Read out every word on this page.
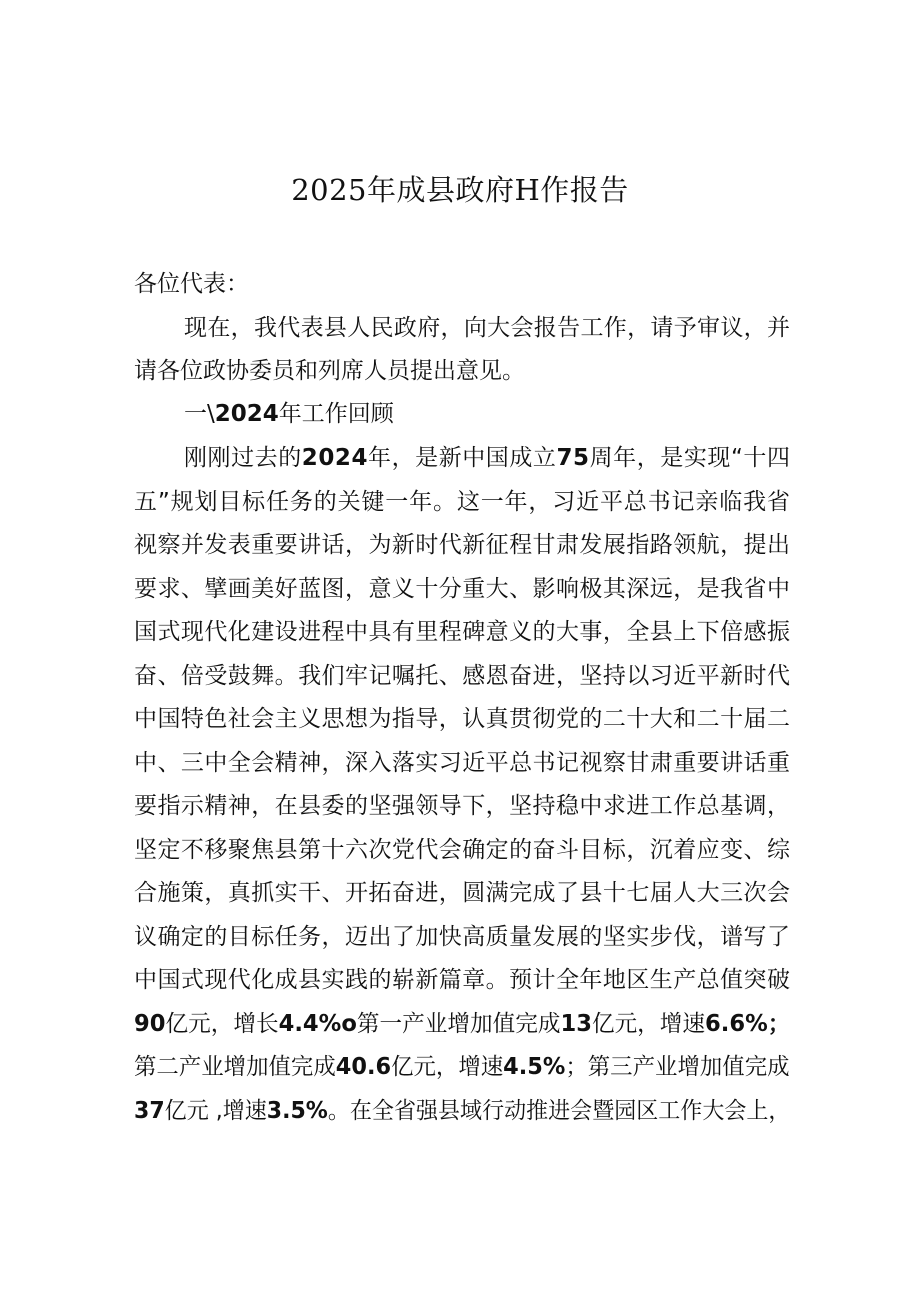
2025年成县政府H作报告
各位代表：
现在，我代表县人民政府，向大会报告工作，请予审议，并
请各位政协委员和列席人员提出意见。
一\2024年工作回顾
刚刚过去的2024年，是新中国成立75周年，是实现“十四
五”规划目标任务的关键一年。这一年，习近平总书记亲临我省
视察并发表重要讲话，为新时代新征程甘肃发展指路领航，提出
要求、擘画美好蓝图，意义十分重大、影响极其深远，是我省中
国式现代化建设进程中具有里程碑意义的大事，全县上下倍感振
奋、倍受鼓舞。我们牢记嘱托、感恩奋进，坚持以习近平新时代
中国特色社会主义思想为指导，认真贯彻党的二十大和二十届二
中、三中全会精神，深入落实习近平总书记视察甘肃重要讲话重
要指示精神，在县委的坚强领导下，坚持稳中求进工作总基调，
坚定不移聚焦县第十六次党代会确定的奋斗目标，沉着应变、综
合施策，真抓实干、开拓奋进，圆满完成了县十七届人大三次会
议确定的目标任务，迈出了加快高质量发展的坚实步伐，谱写了
中国式现代化成县实践的崭新篇章。预计全年地区生产总值突破
90亿元，增长4.4%o第一产业增加值完成13亿元，增速6.6%；
第二产业增加值完成40.6亿元，增速4.5%；第三产业增加值完成
37亿元 ,增速3.5%。在全省强县域行动推进会暨园区工作大会上，
